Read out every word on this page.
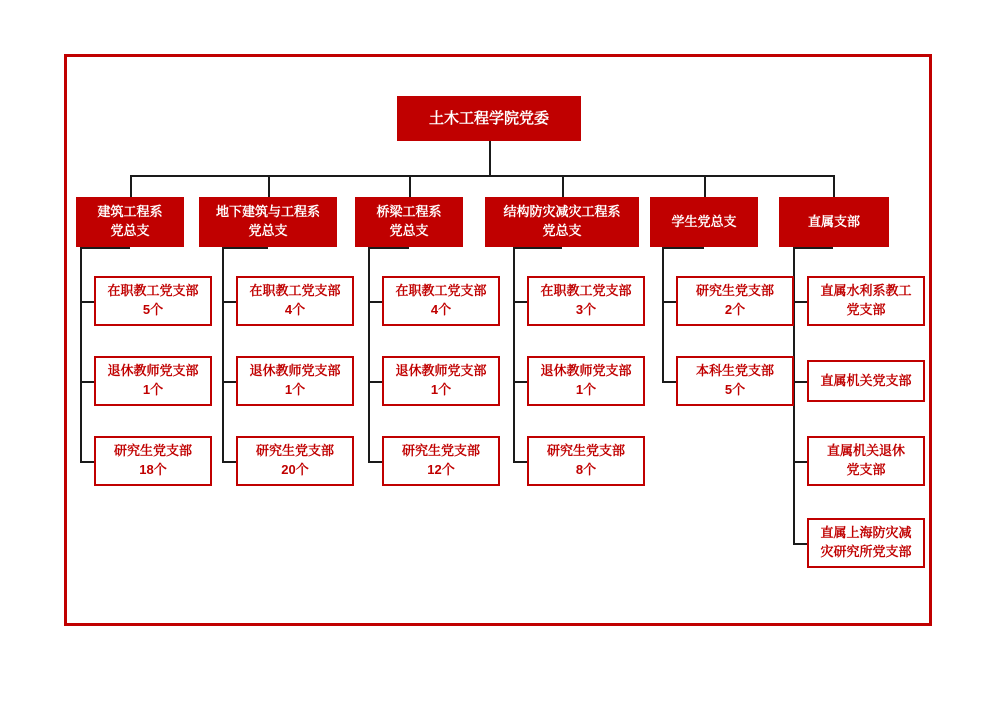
土木工程学院党委
建筑工程系
党总支
地下建筑与工程系
党总支
桥梁工程系
党总支
结构防灾减灾工程系
党总支
学生党总支	直属支部
在职教工党支部
5个
退休教师党支部
1个
研究生党支部
18个
在职教工党支部
4个
退休教师党支部
1个
研究生党支部
20个
在职教工党支部
4个
退休教师党支部
1个
研究生党支部
12个
在职教工党支部
3个
退休教师党支部
1个
研究生党支部
8个
研究生党支部
2个
本科生党支部
5个
直属水利系教工
党支部
直属机关党支部
直属机关退休
党支部
直属上海防灾减
灾研究所党支部
